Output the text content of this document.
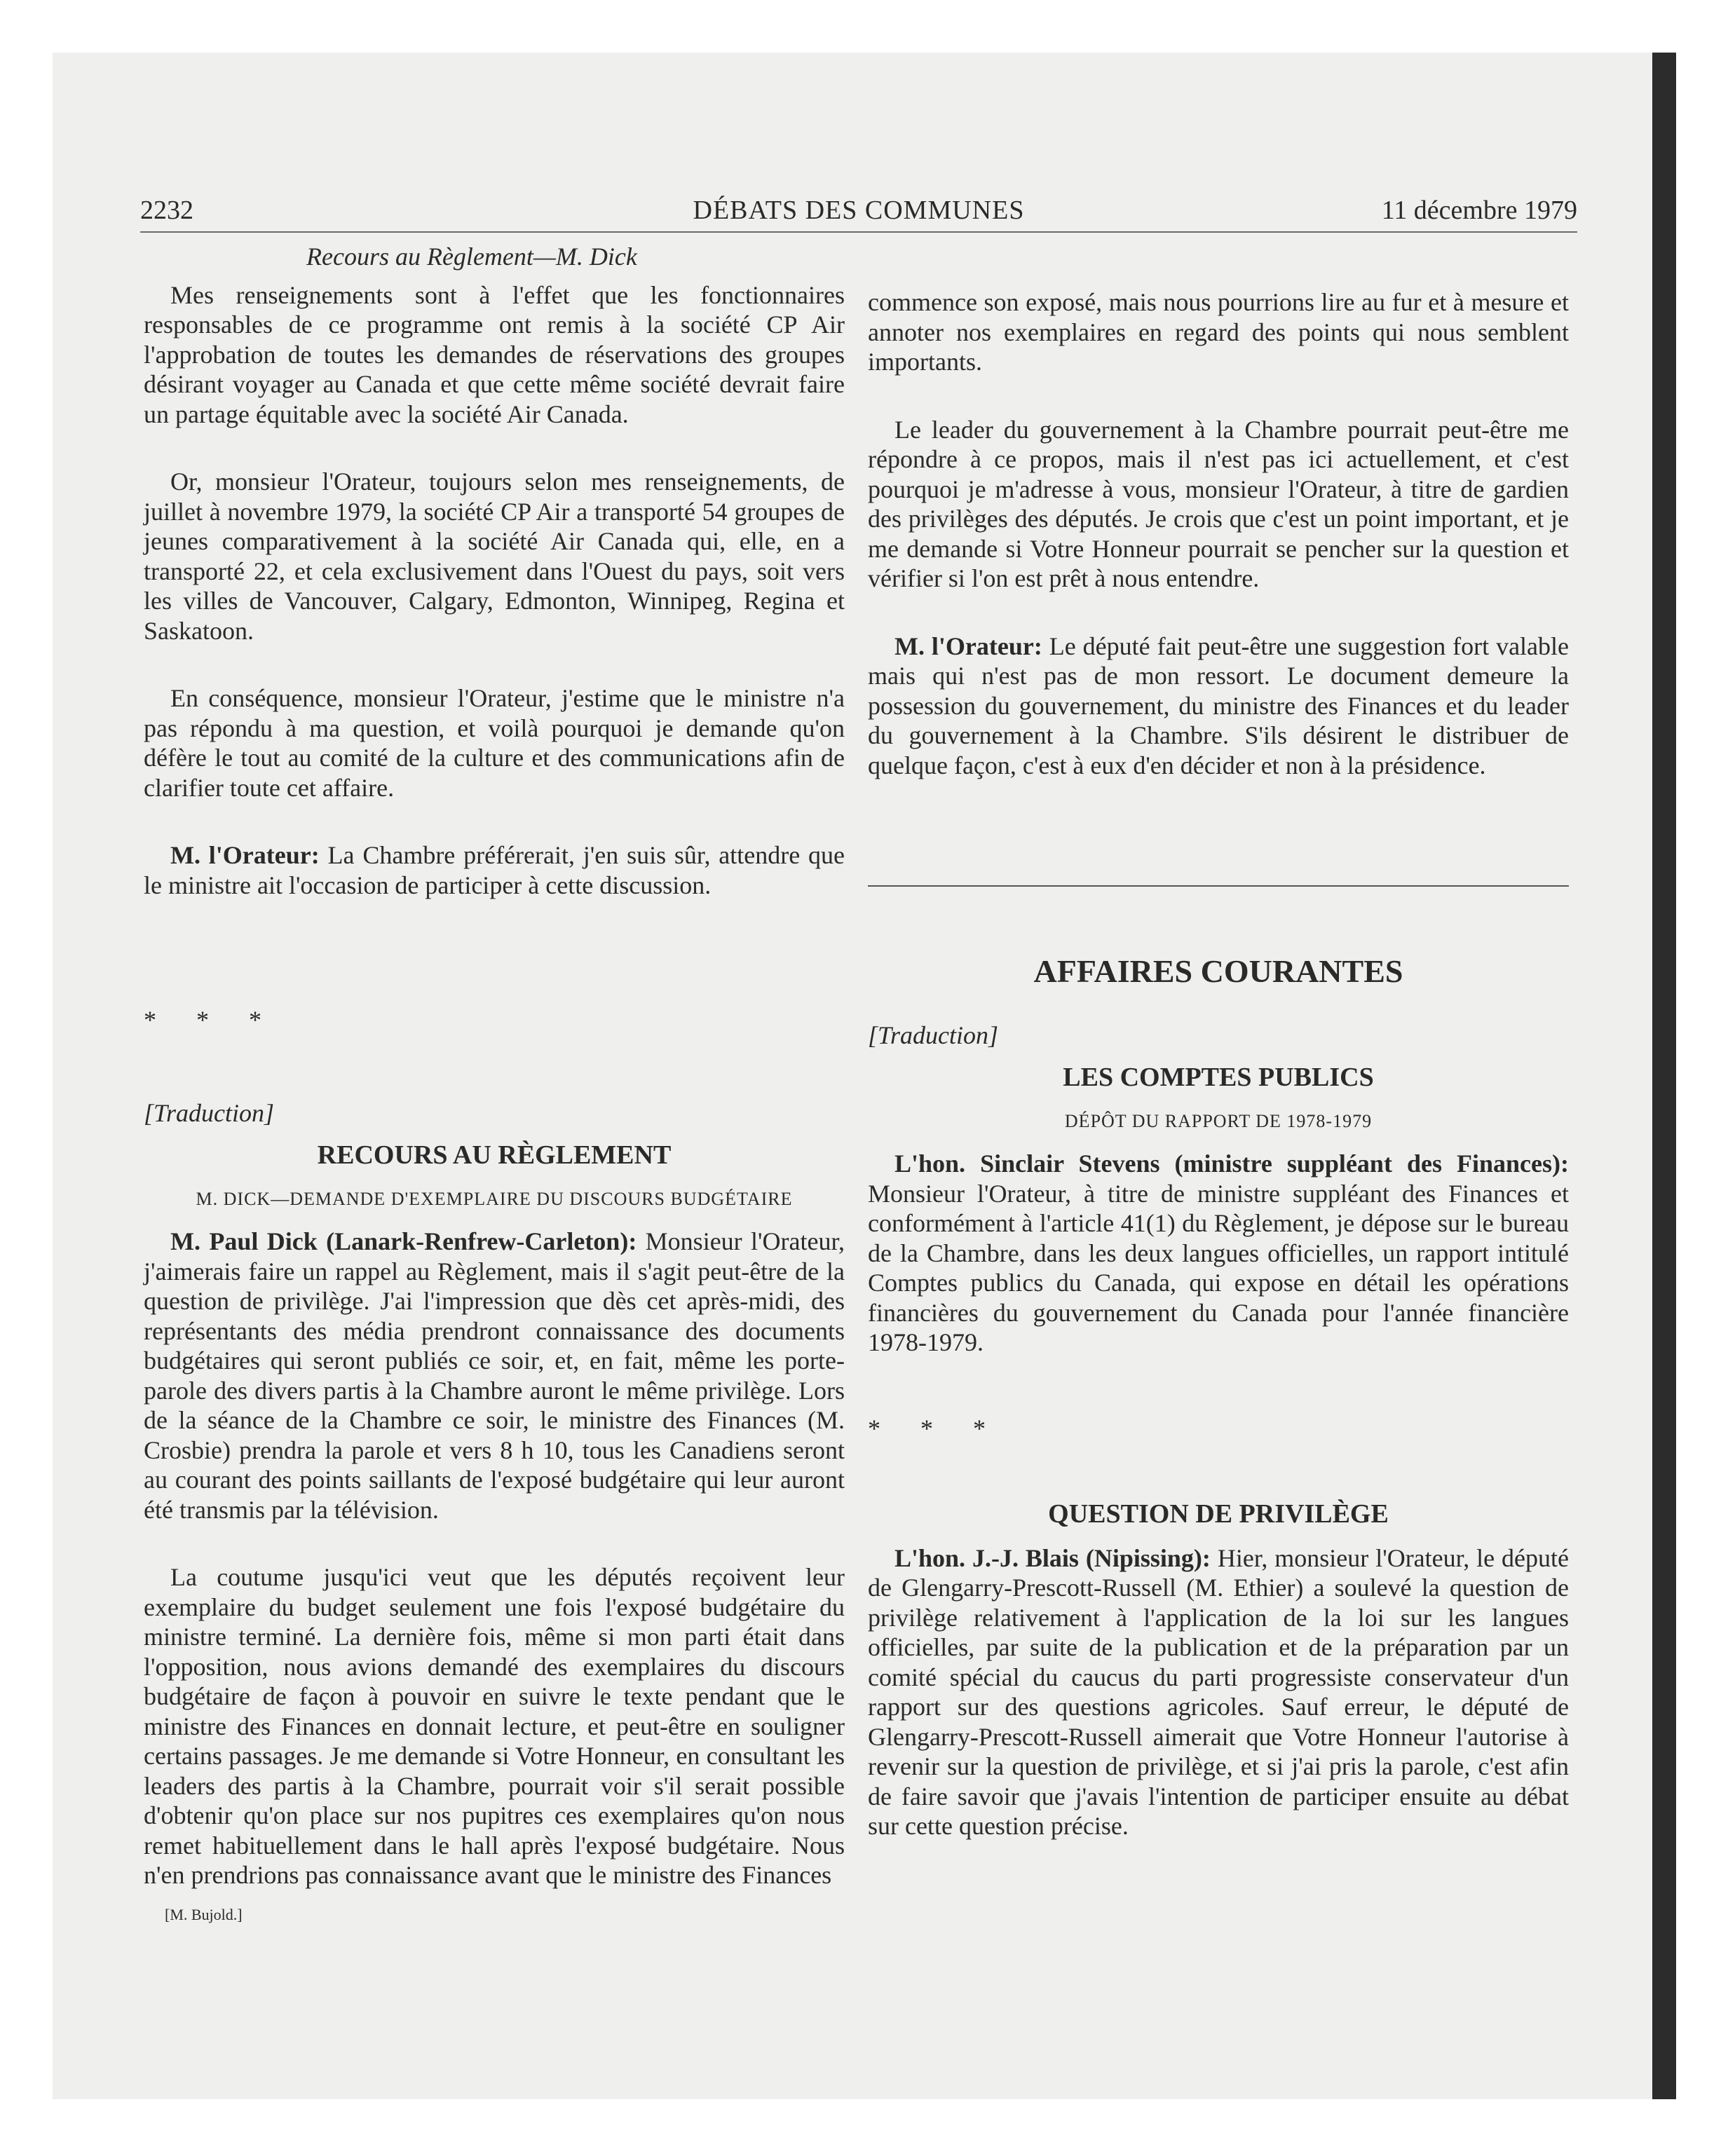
2232	DÉBATS DES COMMUNES	11 décembre 1979

Recours au Règlement—M. Dick

Mes renseignements sont à l'effet que les fonctionnaires responsables de ce programme ont remis à la société CP Air l'approbation de toutes les demandes de réservations des groupes désirant voyager au Canada et que cette même société devrait faire un partage équitable avec la société Air Canada.

Or, monsieur l'Orateur, toujours selon mes renseignements, de juillet à novembre 1979, la société CP Air a transporté 54 groupes de jeunes comparativement à la société Air Canada qui, elle, en a transporté 22, et cela exclusivement dans l'Ouest du pays, soit vers les villes de Vancouver, Calgary, Edmonton, Winnipeg, Regina et Saskatoon.

En conséquence, monsieur l'Orateur, j'estime que le ministre n'a pas répondu à ma question, et voilà pourquoi je demande qu'on défère le tout au comité de la culture et des communications afin de clarifier toute cet affaire.

M. l'Orateur: La Chambre préférerait, j'en suis sûr, attendre que le ministre ait l'occasion de participer à cette discussion.

* * *

[Traduction]

RECOURS AU RÈGLEMENT

M. DICK—DEMANDE D'EXEMPLAIRE DU DISCOURS BUDGÉTAIRE

M. Paul Dick (Lanark-Renfrew-Carleton): Monsieur l'Orateur, j'aimerais faire un rappel au Règlement, mais il s'agit peut-être de la question de privilège. J'ai l'impression que dès cet après-midi, des représentants des média prendront connaissance des documents budgétaires qui seront publiés ce soir, et, en fait, même les porte-parole des divers partis à la Chambre auront le même privilège. Lors de la séance de la Chambre ce soir, le ministre des Finances (M. Crosbie) prendra la parole et vers 8 h 10, tous les Canadiens seront au courant des points saillants de l'exposé budgétaire qui leur auront été transmis par la télévision.

La coutume jusqu'ici veut que les députés reçoivent leur exemplaire du budget seulement une fois l'exposé budgétaire du ministre terminé. La dernière fois, même si mon parti était dans l'opposition, nous avions demandé des exemplaires du discours budgétaire de façon à pouvoir en suivre le texte pendant que le ministre des Finances en donnait lecture, et peut-être en souligner certains passages. Je me demande si Votre Honneur, en consultant les leaders des partis à la Chambre, pourrait voir s'il serait possible d'obtenir qu'on place sur nos pupitres ces exemplaires qu'on nous remet habituellement dans le hall après l'exposé budgétaire. Nous n'en prendrions pas connaissance avant que le ministre des Finances

[M. Bujold.]

commence son exposé, mais nous pourrions lire au fur et à mesure et annoter nos exemplaires en regard des points qui nous semblent importants.

Le leader du gouvernement à la Chambre pourrait peut-être me répondre à ce propos, mais il n'est pas ici actuellement, et c'est pourquoi je m'adresse à vous, monsieur l'Orateur, à titre de gardien des privilèges des députés. Je crois que c'est un point important, et je me demande si Votre Honneur pourrait se pencher sur la question et vérifier si l'on est prêt à nous entendre.

M. l'Orateur: Le député fait peut-être une suggestion fort valable mais qui n'est pas de mon ressort. Le document demeure la possession du gouvernement, du ministre des Finances et du leader du gouvernement à la Chambre. S'ils désirent le distribuer de quelque façon, c'est à eux d'en décider et non à la présidence.

AFFAIRES COURANTES

[Traduction]

LES COMPTES PUBLICS

DÉPÔT DU RAPPORT DE 1978-1979

L'hon. Sinclair Stevens (ministre suppléant des Finances): Monsieur l'Orateur, à titre de ministre suppléant des Finances et conformément à l'article 41(1) du Règlement, je dépose sur le bureau de la Chambre, dans les deux langues officielles, un rapport intitulé Comptes publics du Canada, qui expose en détail les opérations financières du gouvernement du Canada pour l'année financière 1978-1979.

* * *

QUESTION DE PRIVILÈGE

L'hon. J.-J. Blais (Nipissing): Hier, monsieur l'Orateur, le député de Glengarry-Prescott-Russell (M. Ethier) a soulevé la question de privilège relativement à l'application de la loi sur les langues officielles, par suite de la publication et de la préparation par un comité spécial du caucus du parti progressiste conservateur d'un rapport sur des questions agricoles. Sauf erreur, le député de Glengarry-Prescott-Russell aimerait que Votre Honneur l'autorise à revenir sur la question de privilège, et si j'ai pris la parole, c'est afin de faire savoir que j'avais l'intention de participer ensuite au débat sur cette question précise.
